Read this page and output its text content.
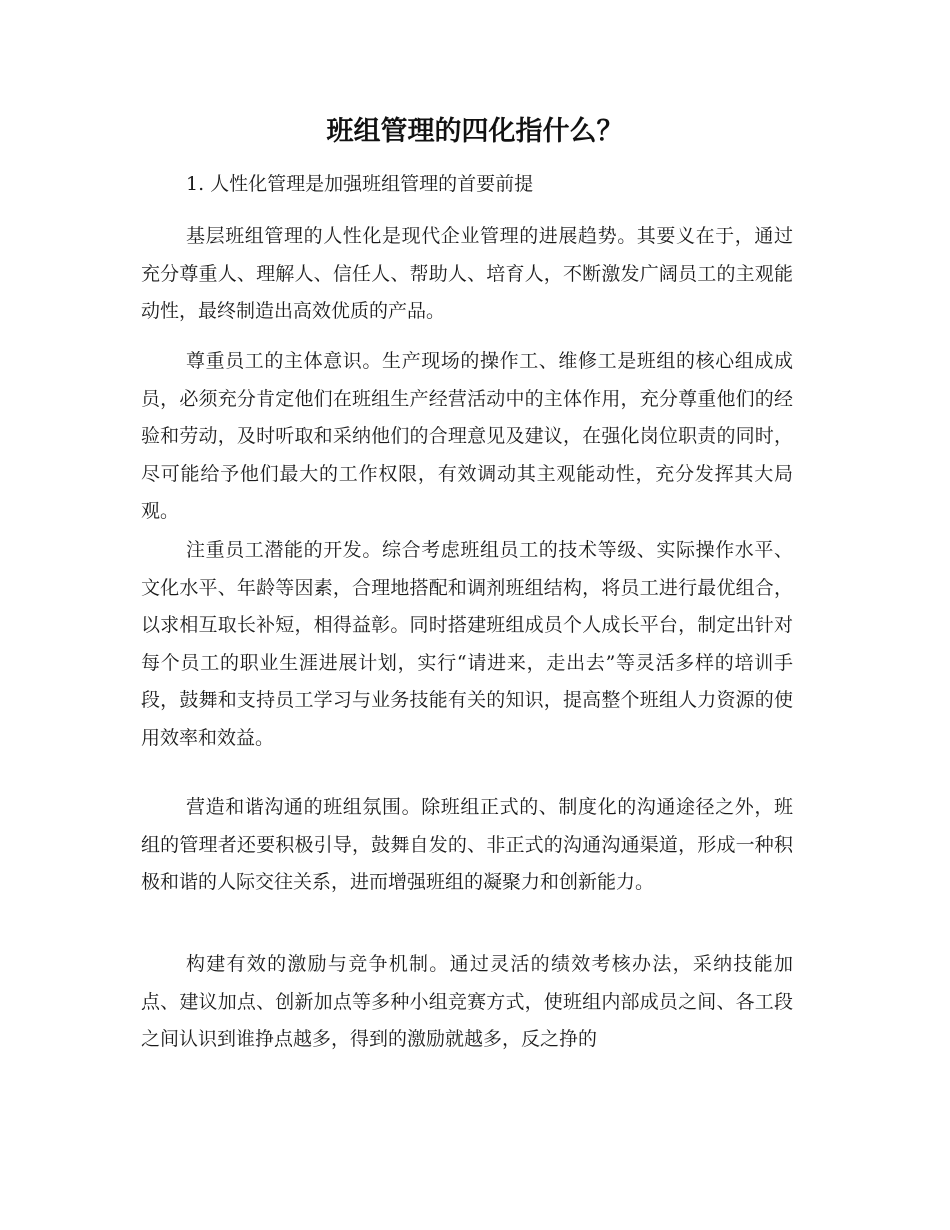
班组管理的四化指什么？

1. 人性化管理是加强班组管理的首要前提

基层班组管理的人性化是现代企业管理的进展趋势。其要义在于，通过充分尊重人、理解人、信任人、帮助人、培育人，不断激发广阔员工的主观能动性，最终制造出高效优质的产品。

尊重员工的主体意识。生产现场的操作工、维修工是班组的核心组成成员，必须充分肯定他们在班组生产经营活动中的主体作用，充分尊重他们的经验和劳动，及时听取和采纳他们的合理意见及建议，在强化岗位职责的同时，尽可能给予他们最大的工作权限，有效调动其主观能动性，充分发挥其大局观。

注重员工潜能的开发。综合考虑班组员工的技术等级、实际操作水平、文化水平、年龄等因素，合理地搭配和调剂班组结构，将员工进行最优组合，以求相互取长补短，相得益彰。同时搭建班组成员个人成长平台，制定出针对每个员工的职业生涯进展计划，实行“请进来，走出去”等灵活多样的培训手段，鼓舞和支持员工学习与业务技能有关的知识，提高整个班组人力资源的使用效率和效益。

营造和谐沟通的班组氛围。除班组正式的、制度化的沟通途径之外，班组的管理者还要积极引导，鼓舞自发的、非正式的沟通沟通渠道，形成一种积极和谐的人际交往关系，进而增强班组的凝聚力和创新能力。

构建有效的激励与竞争机制。通过灵活的绩效考核办法，采纳技能加点、建议加点、创新加点等多种小组竞赛方式，使班组内部成员之间、各工段之间认识到谁挣点越多，得到的激励就越多，反之挣的
